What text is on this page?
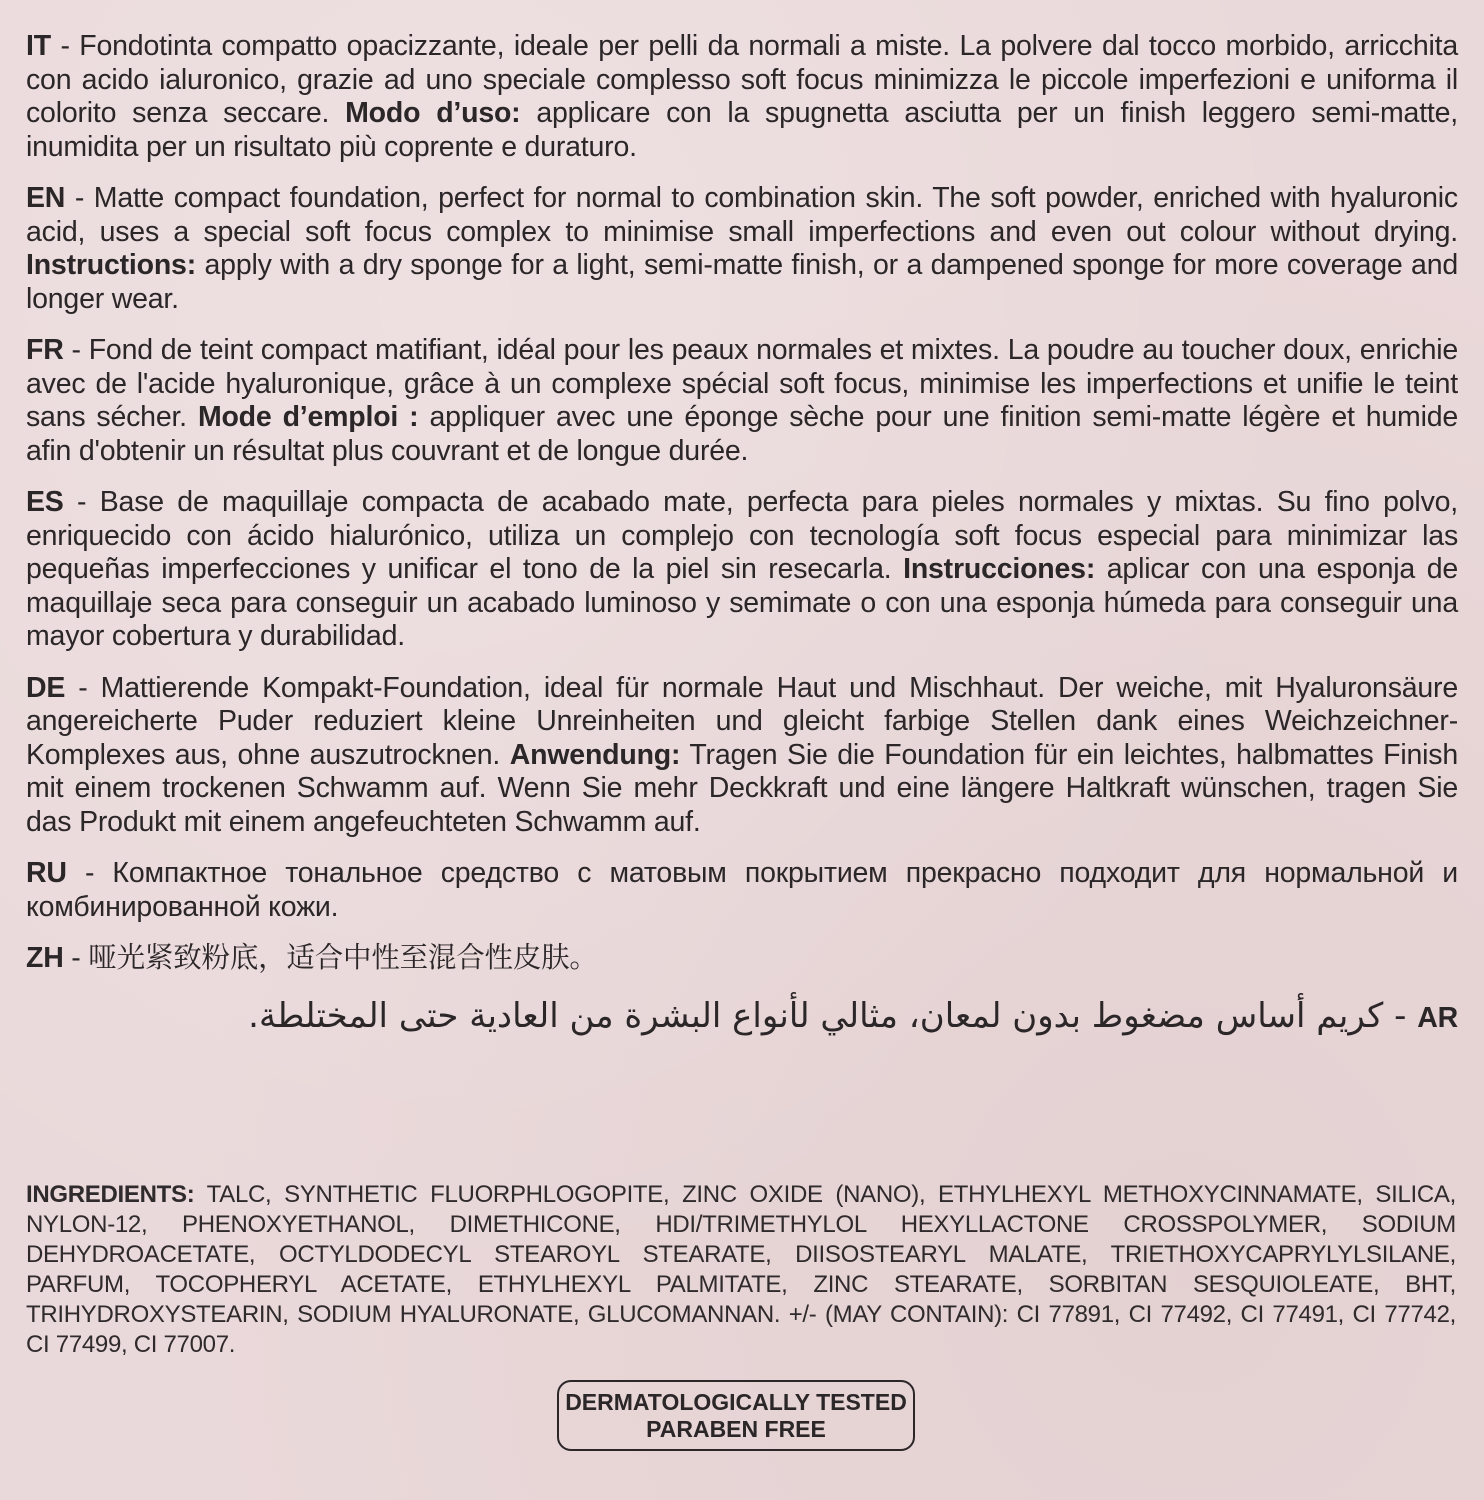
IT - Fondotinta compatto opacizzante, ideale per pelli da normali a miste. La polvere dal tocco morbido, arricchita con acido ialuronico, grazie ad uno speciale complesso soft focus minimizza le piccole imperfezioni e uniforma il colorito senza seccare. Modo d’uso: applicare con la spugnetta asciutta per un finish leggero semi-matte, inumidita per un risultato più coprente e duraturo.

EN - Matte compact foundation, perfect for normal to combination skin. The soft powder, enriched with hyaluronic acid, uses a special soft focus complex to minimise small imperfections and even out colour without drying. Instructions: apply with a dry sponge for a light, semi-matte finish, or a dampened sponge for more coverage and longer wear.

FR - Fond de teint compact matifiant, idéal pour les peaux normales et mixtes. La poudre au toucher doux, enrichie avec de l'acide hyaluronique, grâce à un complexe spécial soft focus, minimise les imperfections et unifie le teint sans sécher. Mode d’emploi : appliquer avec une éponge sèche pour une finition semi-matte légère et humide afin d'obtenir un résultat plus couvrant et de longue durée.

ES - Base de maquillaje compacta de acabado mate, perfecta para pieles normales y mixtas. Su fino polvo, enriquecido con ácido hialurónico, utiliza un complejo con tecnología soft focus especial para minimizar las pequeñas imperfecciones y unificar el tono de la piel sin resecarla. Instrucciones: aplicar con una esponja de maquillaje seca para conseguir un acabado luminoso y semimate o con una esponja húmeda para conseguir una mayor cobertura y durabilidad.

DE - Mattierende Kompakt-Foundation, ideal für normale Haut und Mischhaut. Der weiche, mit Hyaluronsäure angereicherte Puder reduziert kleine Unreinheiten und gleicht farbige Stellen dank eines Weichzeichner-Komplexes aus, ohne auszutrocknen. Anwendung: Tragen Sie die Foundation für ein leichtes, halbmattes Finish mit einem trockenen Schwamm auf. Wenn Sie mehr Deckkraft und eine längere Haltkraft wünschen, tragen Sie das Produkt mit einem angefeuchteten Schwamm auf.

RU - Компактное тональное средство с матовым покрытием прекрасно подходит для нормальной и комбинированной кожи.

ZH - 哑光紧致粉底，适合中性至混合性皮肤。

كريم أساس مضغوط بدون لمعان، مثالي لأنواع البشرة من العادية حتى المختلطة. - AR

INGREDIENTS: TALC, SYNTHETIC FLUORPHLOGOPITE, ZINC OXIDE (NANO), ETHYLHEXYL METHOXYCINNAMATE, SILICA, NYLON-12, PHENOXYETHANOL, DIMETHICONE, HDI/TRIMETHYLOL HEXYLLACTONE CROSSPOLYMER, SODIUM DEHYDROACETATE, OCTYLDODECYL STEAROYL STEARATE, DIISOSTEARYL MALATE, TRIETHOXYCAPRYLYLSILANE, PARFUM, TOCOPHERYL ACETATE, ETHYLHEXYL PALMITATE, ZINC STEARATE, SORBITAN SESQUIOLEATE, BHT, TRIHYDROXYSTEARIN, SODIUM HYALURONATE, GLUCOMANNAN. +/- (MAY CONTAIN): CI 77891, CI 77492, CI 77491, CI 77742, CI 77499, CI 77007.
DERMATOLOGICALLY TESTED
PARABEN FREE
